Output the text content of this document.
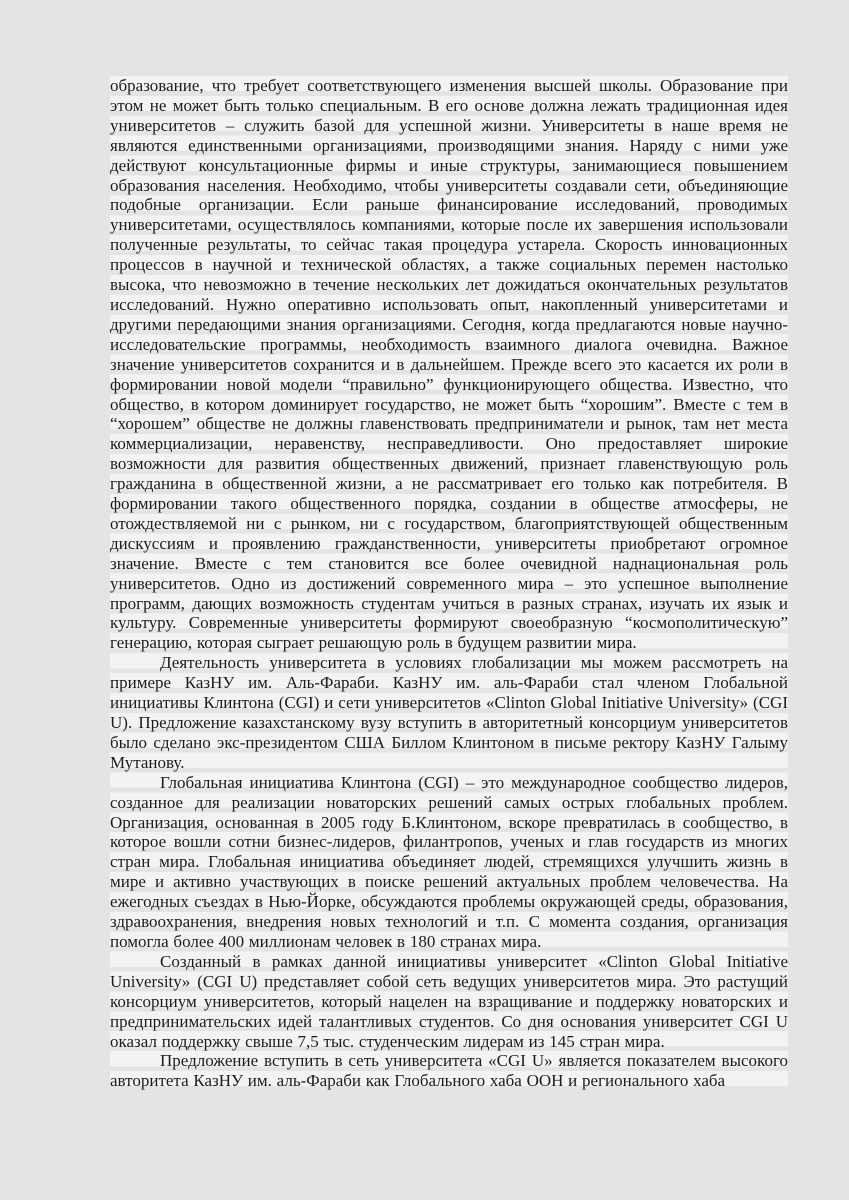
образование, что требует соответствующего изменения высшей школы. Образование при этом не может быть только специальным. В его основе должна лежать традиционная идея университетов – служить базой для успешной жизни. Университеты в наше время не являются единственными организациями, производящими знания. Наряду с ними уже действуют консультационные фирмы и иные структуры, занимающиеся повышением образования населения. Необходимо, чтобы университеты создавали сети, объединяющие подобные организации. Если раньше финансирование исследований, проводимых университетами, осуществлялось компаниями, которые после их завершения использовали полученные результаты, то сейчас такая процедура устарела. Скорость инновационных процессов в научной и технической областях, а также социальных перемен настолько высока, что невозможно в течение нескольких лет дожидаться окончательных результатов исследований. Нужно оперативно использовать опыт, накопленный университетами и другими передающими знания организациями. Сегодня, когда предлагаются новые научно-исследовательские программы, необходимость взаимного диалога очевидна. Важное значение университетов сохранится и в дальнейшем. Прежде всего это касается их роли в формировании новой модели “правильно” функционирующего общества. Известно, что общество, в котором доминирует государство, не может быть “хорошим”. Вместе с тем в “хорошем” обществе не должны главенствовать предприниматели и рынок, там нет места коммерциализации, неравенству, несправедливости. Оно предоставляет широкие возможности для развития общественных движений, признает главенствующую роль гражданина в общественной жизни, а не рассматривает его только как потребителя. В формировании такого общественного порядка, создании в обществе атмосферы, не отождествляемой ни с рынком, ни с государством, благоприятствующей общественным дискуссиям и проявлению гражданственности, университеты приобретают огромное значение. Вместе с тем становится все более очевидной наднациональная роль университетов. Одно из достижений современного мира – это успешное выполнение программ, дающих возможность студентам учиться в разных странах, изучать их язык и культуру. Современные университеты формируют своеобразную “космополитическую” генерацию, которая сыграет решающую роль в будущем развитии мира.

Деятельность университета в условиях глобализации мы можем рассмотреть на примере КазНУ им. Аль-Фараби. КазНУ им. аль-Фараби стал членом Глобальной инициативы Клинтона (CGI) и сети университетов «Clinton Global Initiative University» (CGI U). Предложение казахстанскому вузу вступить в авторитетный консорциум университетов было сделано экс-президентом США Биллом Клинтоном в письме ректору КазНУ Галыму Мутанову.

Глобальная инициатива Клинтона (CGI) – это международное сообщество лидеров, созданное для реализации новаторских решений самых острых глобальных проблем. Организация, основанная в 2005 году Б.Клинтоном, вскоре превратилась в сообщество, в которое вошли сотни бизнес-лидеров, филантропов, ученых и глав государств из многих стран мира. Глобальная инициатива объединяет людей, стремящихся улучшить жизнь в мире и активно участвующих в поиске решений актуальных проблем человечества. На ежегодных съездах в Нью-Йорке, обсуждаются проблемы окружающей среды, образования, здравоохранения, внедрения новых технологий и т.п. С момента создания, организация помогла более 400 миллионам человек в 180 странах мира.

Созданный в рамках данной инициативы университет «Clinton Global Initiative University» (CGI U) представляет собой сеть ведущих университетов мира. Это растущий консорциум университетов, который нацелен на взращивание и поддержку новаторских и предпринимательских идей талантливых студентов. Со дня основания университет CGI U оказал поддержку свыше 7,5 тыс. студенческим лидерам из 145 стран мира.

Предложение вступить в сеть университета «CGI U» является показателем высокого авторитета КазНУ им. аль-Фараби как Глобального хаба ООН и регионального хаба
